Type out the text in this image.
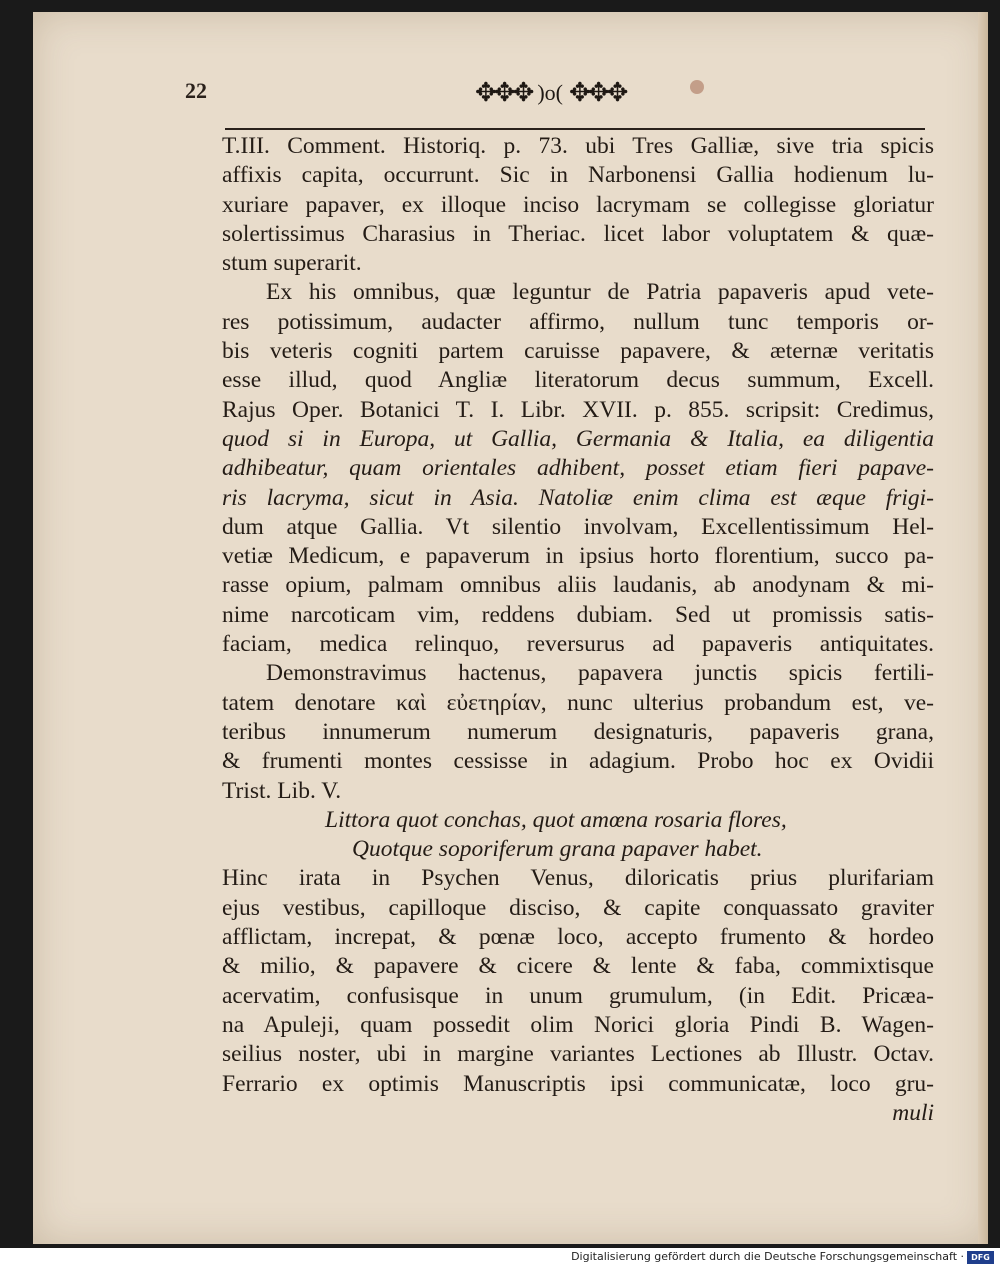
22	✥✥✥ )o( ✥✥✥
T.III. Comment. Historiq. p. 73. ubi Tres Galliæ, sive tria spicis
affixis capita, occurrunt. Sic in Narbonensi Gallia hodienum lu-
xuriare papaver, ex illoque inciso lacrymam se collegisse gloriatur
solertissimus Charasius in Theriac. licet labor voluptatem & quæ-
stum superarit.
Ex his omnibus, quæ leguntur de Patria papaveris apud vete-
res potissimum, audacter affirmo, nullum tunc temporis or-
bis veteris cogniti partem caruisse papavere, & æternæ veritatis
esse illud, quod Angliæ literatorum decus summum, Excell.
Rajus Oper. Botanici T. I. Libr. XVII. p. 855. scripsit: Credimus,
quod si in Europa, ut Gallia, Germania & Italia, ea diligentia
adhibeatur, quam orientales adhibent, posset etiam fieri papave-
ris lacryma, sicut in Asia. Natoliæ enim clima est æque frigi-
dum atque Gallia. Vt silentio involvam, Excellentissimum Hel-
vetiæ Medicum, e papaverum in ipsius horto florentium, succo pa-
rasse opium, palmam omnibus aliis laudanis, ab anodynam & mi-
nime narcoticam vim, reddens dubiam. Sed ut promissis satis-
faciam, medica relinquo, reversurus ad papaveris antiquitates.
Demonstravimus hactenus, papavera junctis spicis fertili-
tatem denotare καὶ εὐετηρίαν, nunc ulterius probandum est, ve-
teribus innumerum numerum designaturis, papaveris grana,
& frumenti montes cessisse in adagium. Probo hoc ex Ovidii
Trist. Lib. V.
Littora quot conchas, quot amœna rosaria flores,
Quotque soporiferum grana papaver habet.
Hinc irata in Psychen Venus, diloricatis prius plurifariam
ejus vestibus, capilloque disciso, & capite conquassato graviter
afflictam, increpat, & pœnæ loco, accepto frumento & hordeo
& milio, & papavere & cicere & lente & faba, commixtisque
acervatim, confusisque in unum grumulum, (in Edit. Pricæa-
na Apuleji, quam possedit olim Norici gloria Pindi B. Wagen-
seilius noster, ubi in margine variantes Lectiones ab Illustr. Octav.
Ferrario ex optimis Manuscriptis ipsi communicatæ, loco gru-
muli
Digitalisierung gefördert durch die Deutsche Forschungsgemeinschaft · DFG
